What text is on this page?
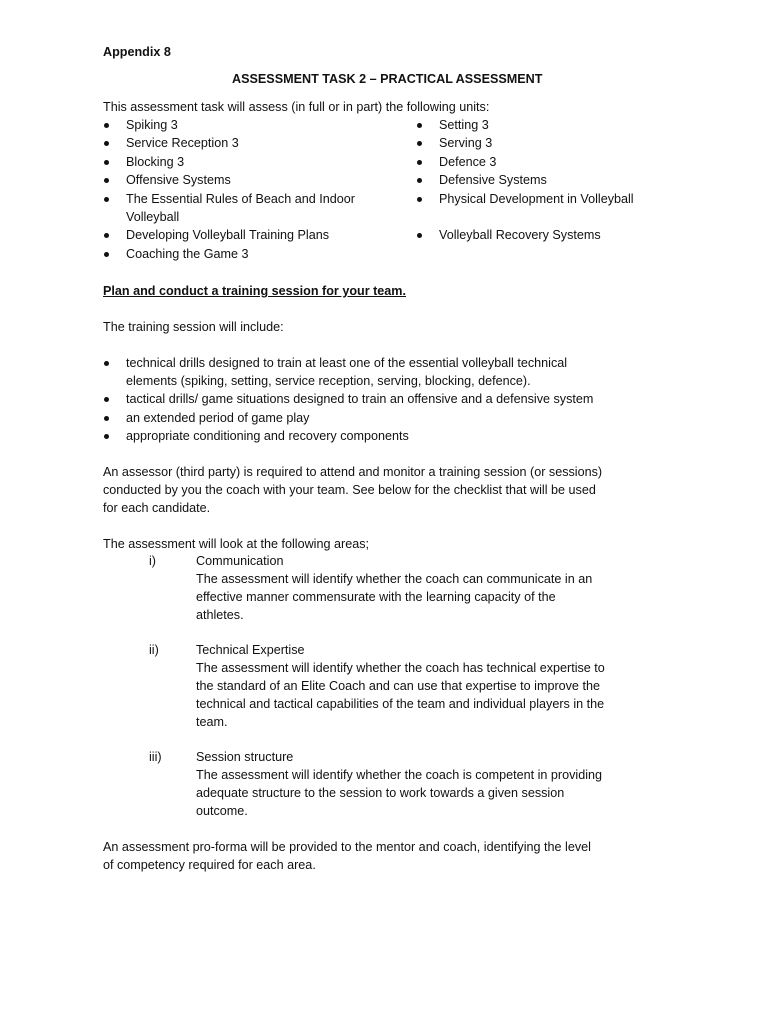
Appendix 8
ASSESSMENT TASK 2 – PRACTICAL ASSESSMENT
This assessment task will assess (in full or in part) the following units:
Spiking 3
Service Reception 3
Blocking 3
Offensive Systems
The Essential Rules of Beach and Indoor
Volleyball
Developing Volleyball Training Plans
Coaching the Game 3
Setting 3
Serving 3
Defence 3
Defensive Systems
Physical Development in Volleyball
Volleyball Recovery Systems
Plan and conduct a training session for your team.
The training session will include:
technical drills designed to train at least one of the essential volleyball technical
elements (spiking, setting, service reception, serving, blocking, defence).
tactical drills/ game situations designed to train an offensive and a defensive system
an extended period of game play
appropriate conditioning and recovery components
An assessor (third party) is required to attend and monitor a training session (or sessions)
conducted by you the coach with your team. See below for the checklist that will be used
for each candidate.
The assessment will look at the following areas;
i)	Communication
The assessment will identify whether the coach can communicate in an
effective manner commensurate with the learning capacity of the
athletes.
ii)	Technical Expertise
The assessment will identify whether the coach has technical expertise to
the standard of an Elite Coach and can use that expertise to improve the
technical and tactical capabilities of the team and individual players in the
team.
iii)	Session structure
The assessment will identify whether the coach is competent in providing
adequate structure to the session to work towards a given session
outcome.
An assessment pro-forma will be provided to the mentor and coach, identifying the level
of competency required for each area.
